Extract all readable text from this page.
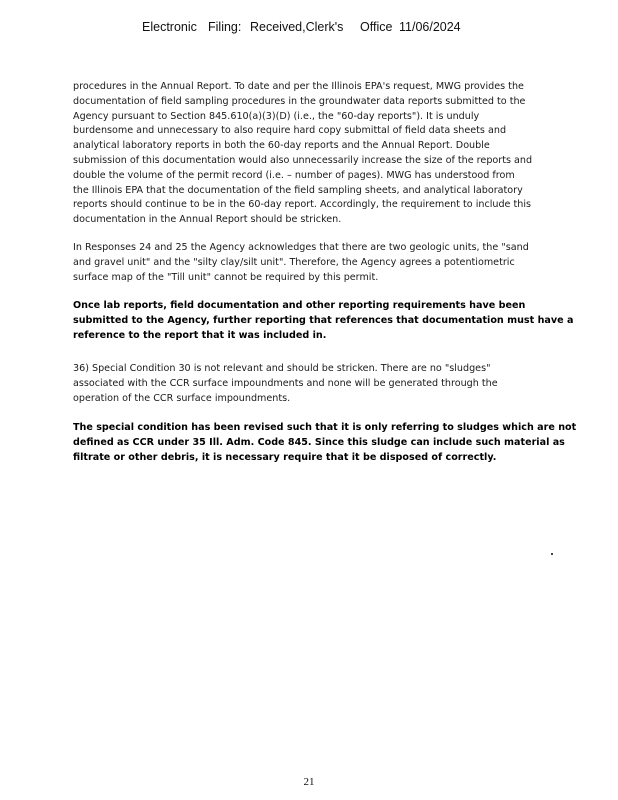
Electronic Filing: Received,Clerk's Office 11/06/2024
procedures in the Annual Report. To date and per the Illinois EPA's request, MWG provides the
documentation of field sampling procedures in the groundwater data reports submitted to the
Agency pursuant to Section 845.610(a)(3)(D) (i.e., the "60-day reports"). It is unduly
burdensome and unnecessary to also require hard copy submittal of field data sheets and
analytical laboratory reports in both the 60-day reports and the Annual Report. Double
submission of this documentation would also unnecessarily increase the size of the reports and
double the volume of the permit record (i.e. – number of pages). MWG has understood from
the Illinois EPA that the documentation of the field sampling sheets, and analytical laboratory
reports should continue to be in the 60-day report. Accordingly, the requirement to include this
documentation in the Annual Report should be stricken.
In Responses 24 and 25 the Agency acknowledges that there are two geologic units, the "sand
and gravel unit" and the "silty clay/silt unit". Therefore, the Agency agrees a potentiometric
surface map of the "Till unit" cannot be required by this permit.
Once lab reports, field documentation and other reporting requirements have been
submitted to the Agency, further reporting that references that documentation must have a
reference to the report that it was included in.
36) Special Condition 30 is not relevant and should be stricken. There are no "sludges"
associated with the CCR surface impoundments and none will be generated through the
operation of the CCR surface impoundments.
The special condition has been revised such that it is only referring to sludges which are not
defined as CCR under 35 Ill. Adm. Code 845. Since this sludge can include such material as
filtrate or other debris, it is necessary require that it be disposed of correctly.
21
